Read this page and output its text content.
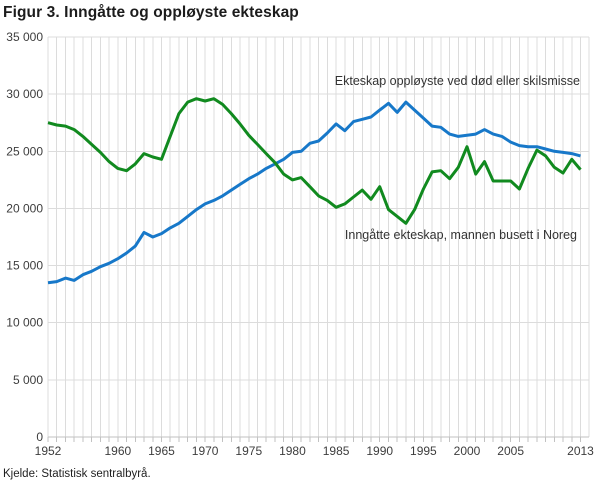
0
5 000
10 000
15 000
20 000
25 000
30 000
35 000
1952	1960 1965 1970 1975 1980 1985 1990 1995 2000 2005	2013
Figur 3. Inngåtte og oppløyste ekteskap
Ekteskap oppløyste ved død eller skilsmisse
Inngåtte ekteskap, mannen busett i Noreg
Kjelde: Statistisk sentralbyrå.
